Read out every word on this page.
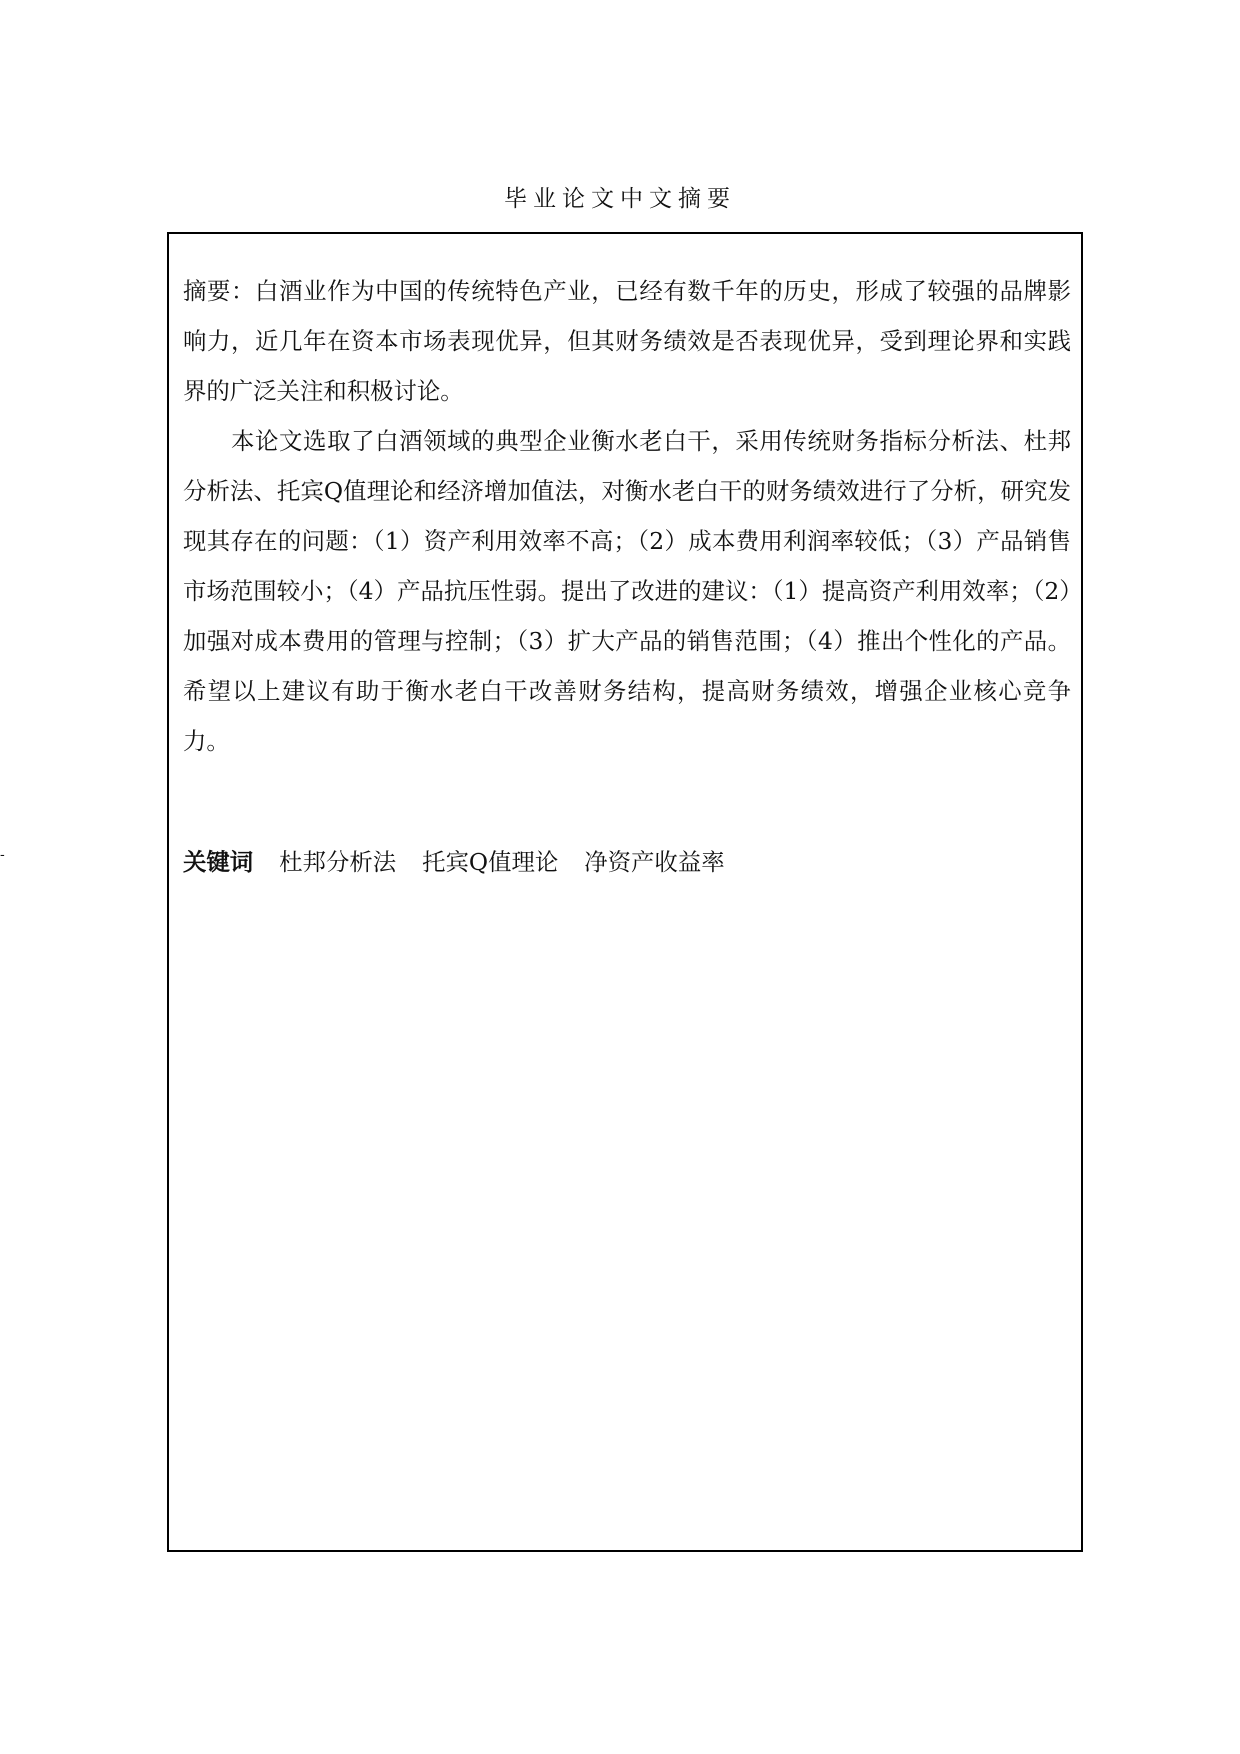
毕业论文中文摘要

摘要：白酒业作为中国的传统特色产业，已经有数千年的历史，形成了较强的品牌影响力，近几年在资本市场表现优异，但其财务绩效是否表现优异，受到理论界和实践界的广泛关注和积极讨论。

本论文选取了白酒领域的典型企业衡水老白干，采用传统财务指标分析法、杜邦分析法、托宾Q值理论和经济增加值法，对衡水老白干的财务绩效进行了分析，研究发现其存在的问题：（1）资产利用效率不高；（2）成本费用利润率较低；（3）产品销售市场范围较小；（4）产品抗压性弱。提出了改进的建议：（1）提高资产利用效率；（2）加强对成本费用的管理与控制；（3）扩大产品的销售范围；（4）推出个性化的产品。希望以上建议有助于衡水老白干改善财务结构，提高财务绩效，增强企业核心竞争力。

关键词 杜邦分析法 托宾Q值理论 净资产收益率
-
